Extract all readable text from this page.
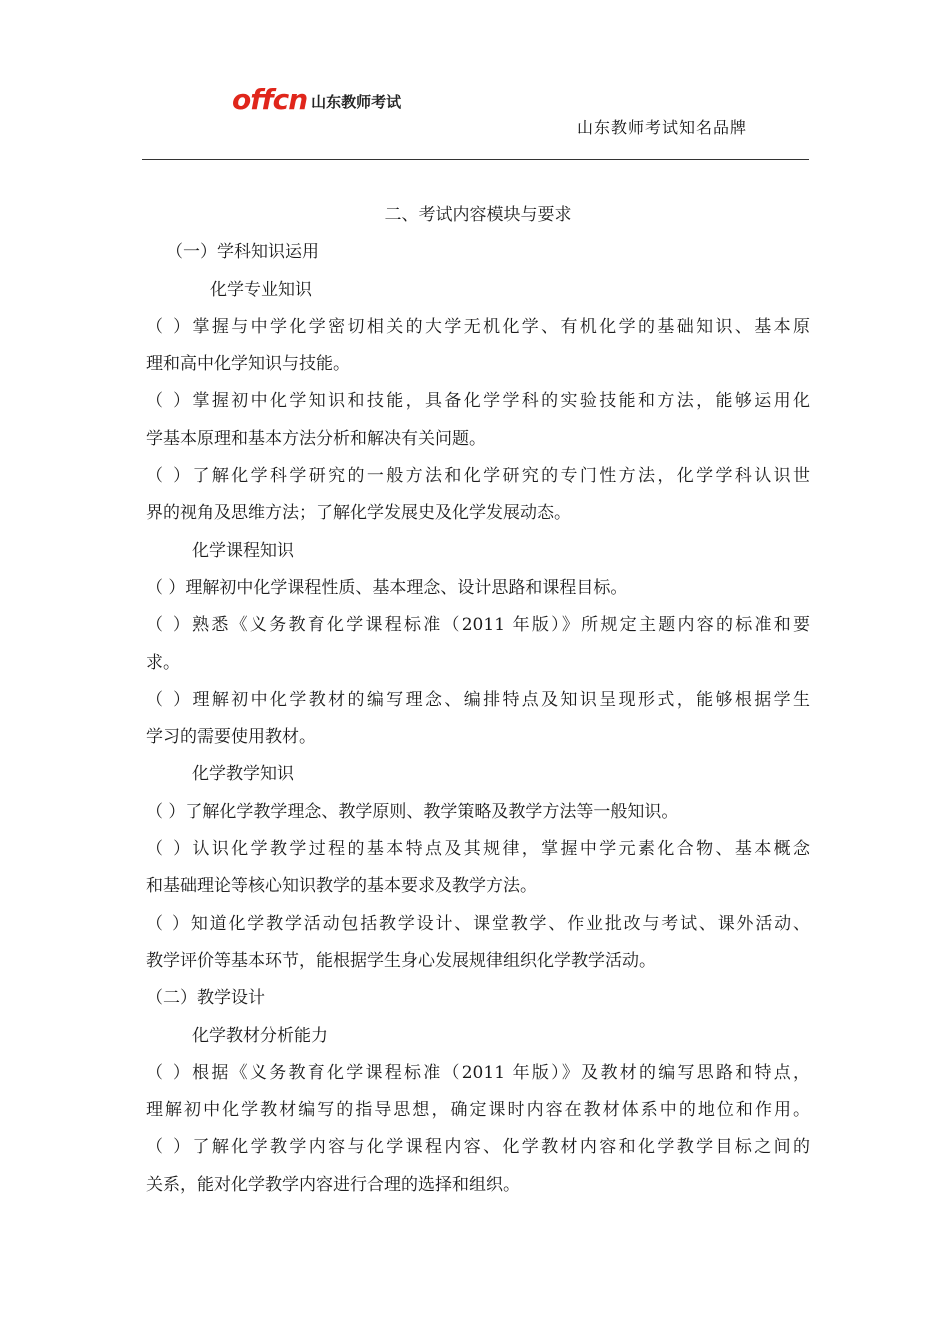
offcn 山东教师考试
山东教师考试知名品牌
二、考试内容模块与要求
（一）学科知识运用
化学专业知识
（ ）掌握与中学化学密切相关的大学无机化学、有机化学的基础知识、基本原
理和高中化学知识与技能。
（ ）掌握初中化学知识和技能，具备化学学科的实验技能和方法，能够运用化
学基本原理和基本方法分析和解决有关问题。
（ ）了解化学科学研究的一般方法和化学研究的专门性方法，化学学科认识世
界的视角及思维方法；了解化学发展史及化学发展动态。
化学课程知识
（ ）理解初中化学课程性质、基本理念、设计思路和课程目标。
（ ）熟悉《义务教育化学课程标准（2011 年版）》所规定主题内容的标准和要
求。
（ ）理解初中化学教材的编写理念、编排特点及知识呈现形式，能够根据学生
学习的需要使用教材。
化学教学知识
（ ）了解化学教学理念、教学原则、教学策略及教学方法等一般知识。
（ ）认识化学教学过程的基本特点及其规律，掌握中学元素化合物、基本概念
和基础理论等核心知识教学的基本要求及教学方法。
（ ）知道化学教学活动包括教学设计、课堂教学、作业批改与考试、课外活动、
教学评价等基本环节，能根据学生身心发展规律组织化学教学活动。
（二）教学设计
化学教材分析能力
（ ）根据《义务教育化学课程标准（2011 年版）》及教材的编写思路和特点，
理解初中化学教材编写的指导思想，确定课时内容在教材体系中的地位和作用。
（ ）了解化学教学内容与化学课程内容、化学教材内容和化学教学目标之间的
关系，能对化学教学内容进行合理的选择和组织。
